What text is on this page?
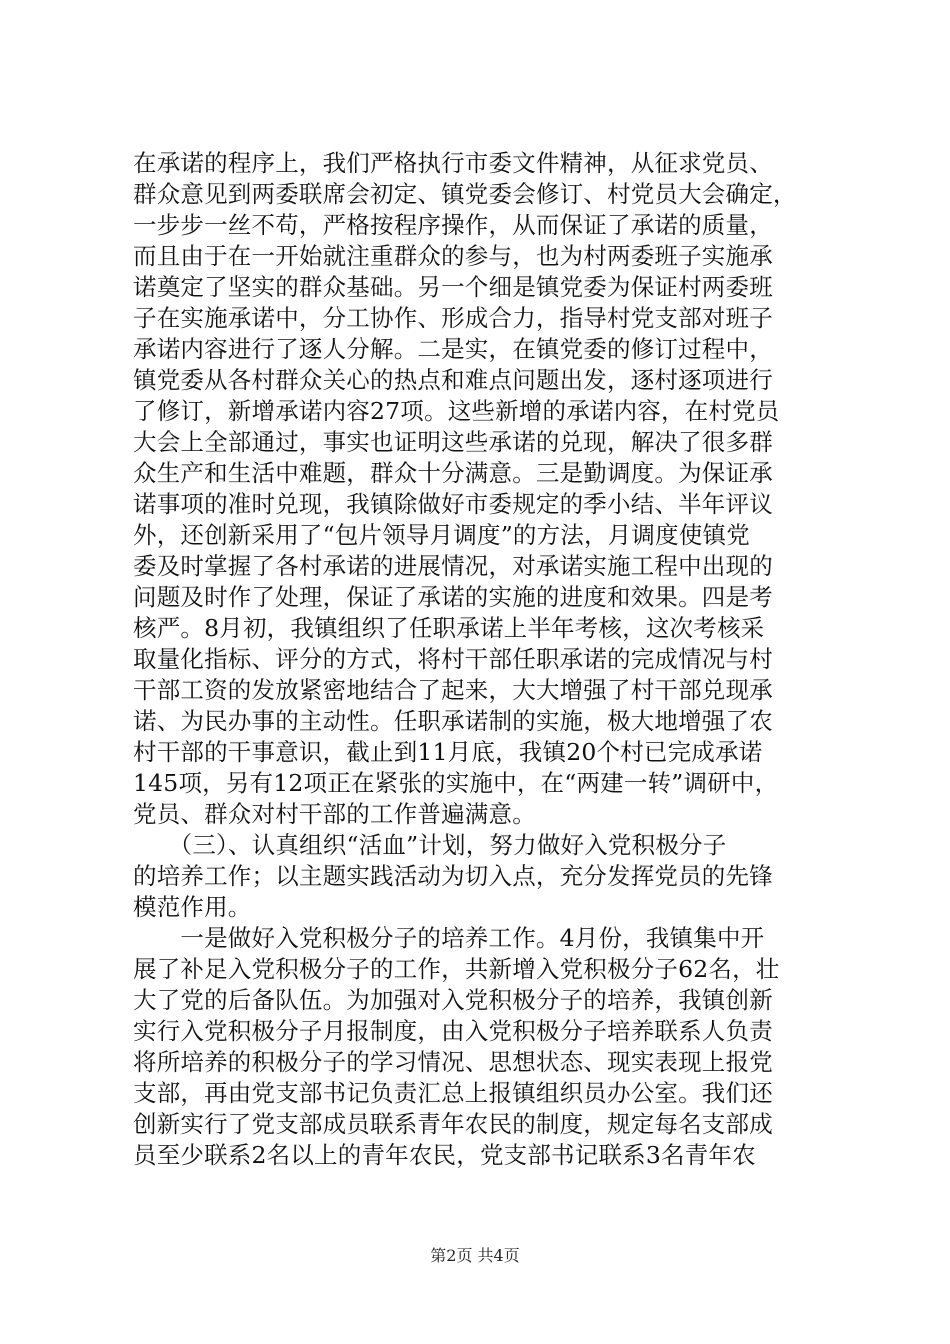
在承诺的程序上，我们严格执行市委文件精神，从征求党员、
群众意见到两委联席会初定、镇党委会修订、村党员大会确定，
一步步一丝不苟，严格按程序操作，从而保证了承诺的质量，
而且由于在一开始就注重群众的参与，也为村两委班子实施承
诺奠定了坚实的群众基础。另一个细是镇党委为保证村两委班
子在实施承诺中，分工协作、形成合力，指导村党支部对班子
承诺内容进行了逐人分解。二是实，在镇党委的修订过程中，
镇党委从各村群众关心的热点和难点问题出发，逐村逐项进行
了修订，新增承诺内容27项。这些新增的承诺内容，在村党员
大会上全部通过，事实也证明这些承诺的兑现，解决了很多群
众生产和生活中难题，群众十分满意。三是勤调度。为保证承
诺事项的准时兑现，我镇除做好市委规定的季小结、半年评议
外，还创新采用了“包片领导月调度”的方法，月调度使镇党
委及时掌握了各村承诺的进展情况，对承诺实施工程中出现的
问题及时作了处理，保证了承诺的实施的进度和效果。四是考
核严。8月初，我镇组织了任职承诺上半年考核，这次考核采
取量化指标、评分的方式，将村干部任职承诺的完成情况与村
干部工资的发放紧密地结合了起来，大大增强了村干部兑现承
诺、为民办事的主动性。任职承诺制的实施，极大地增强了农
村干部的干事意识，截止到11月底，我镇20个村已完成承诺
145项，另有12项正在紧张的实施中，在“两建一转”调研中，
党员、群众对村干部的工作普遍满意。
　　（三）、认真组织“活血”计划，努力做好入党积极分子
的培养工作；以主题实践活动为切入点，充分发挥党员的先锋
模范作用。
　　一是做好入党积极分子的培养工作。4月份，我镇集中开
展了补足入党积极分子的工作，共新增入党积极分子62名，壮
大了党的后备队伍。为加强对入党积极分子的培养，我镇创新
实行入党积极分子月报制度，由入党积极分子培养联系人负责
将所培养的积极分子的学习情况、思想状态、现实表现上报党
支部，再由党支部书记负责汇总上报镇组织员办公室。我们还
创新实行了党支部成员联系青年农民的制度，规定每名支部成
员至少联系2名以上的青年农民，党支部书记联系3名青年农
第2页 共4页
